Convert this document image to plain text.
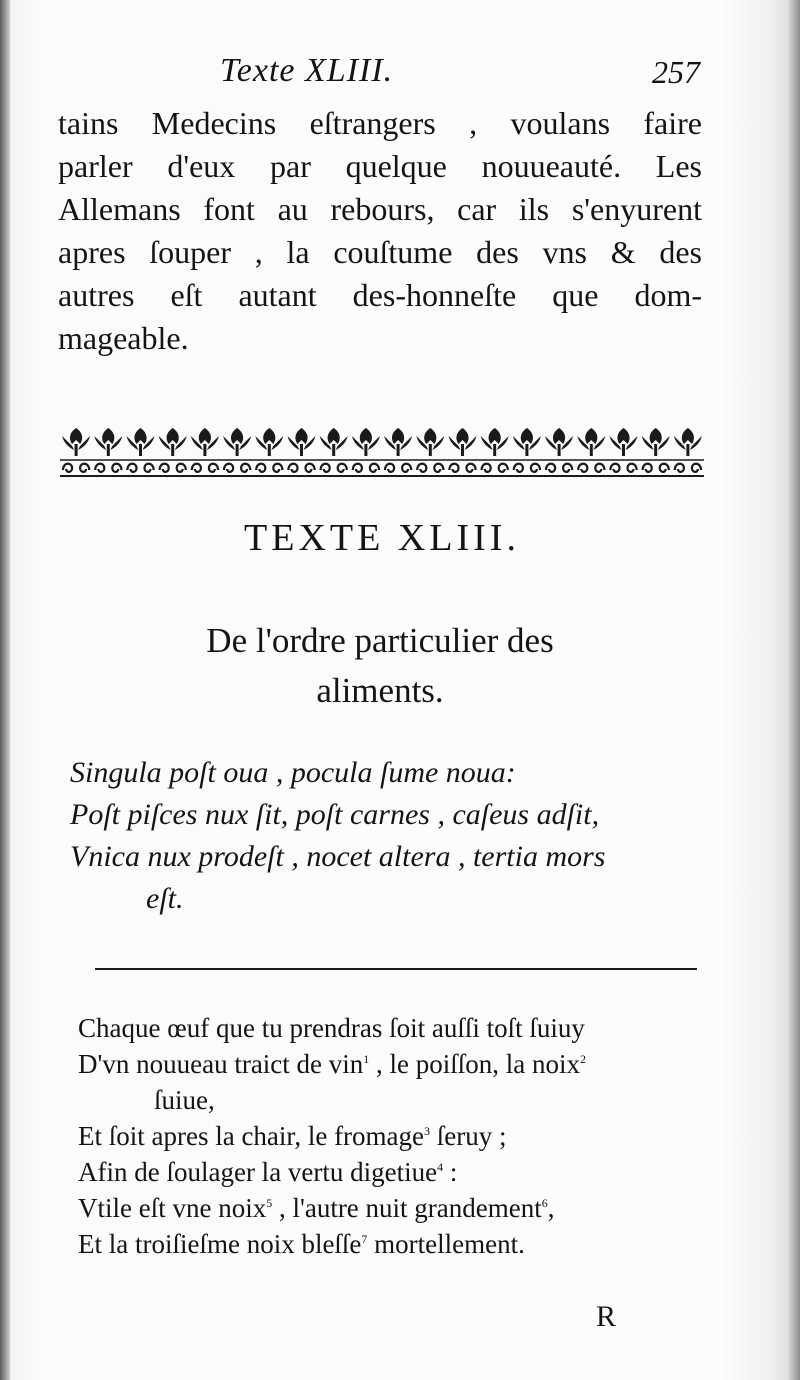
Texte XLIII.	257
tains Medecins eſtrangers , voulans faire
parler d'eux par quelque nouueauté. Les
Allemans font au rebours, car ils s'enyurent
apres ſouper , la couſtume des vns & des
autres eſt autant des-honneſte que dom-
mageable.
TEXTE XLIII.
De l'ordre particulier des
aliments.
Singula poſt oua , pocula ſume noua:
Poſt piſces nux ſit, poſt carnes , caſeus adſit,
Vnica nux prodeſt , nocet altera , tertia mors
eſt.
Chaque œuf que tu prendras ſoit auſſi toſt ſuiuy
D'vn nouueau traict de vin$^1$ , le poiſſon, la noix$^2$
ſuiue,
Et ſoit apres la chair, le fromage$^3$ ſeruy ;
Afin de ſoulager la vertu digetiue$^4$ :
Vtile eſt vne noix$^5$ , l'autre nuit grandement$^6$,
Et la troiſieſme noix bleſſe$^7$ mortellement.
R
